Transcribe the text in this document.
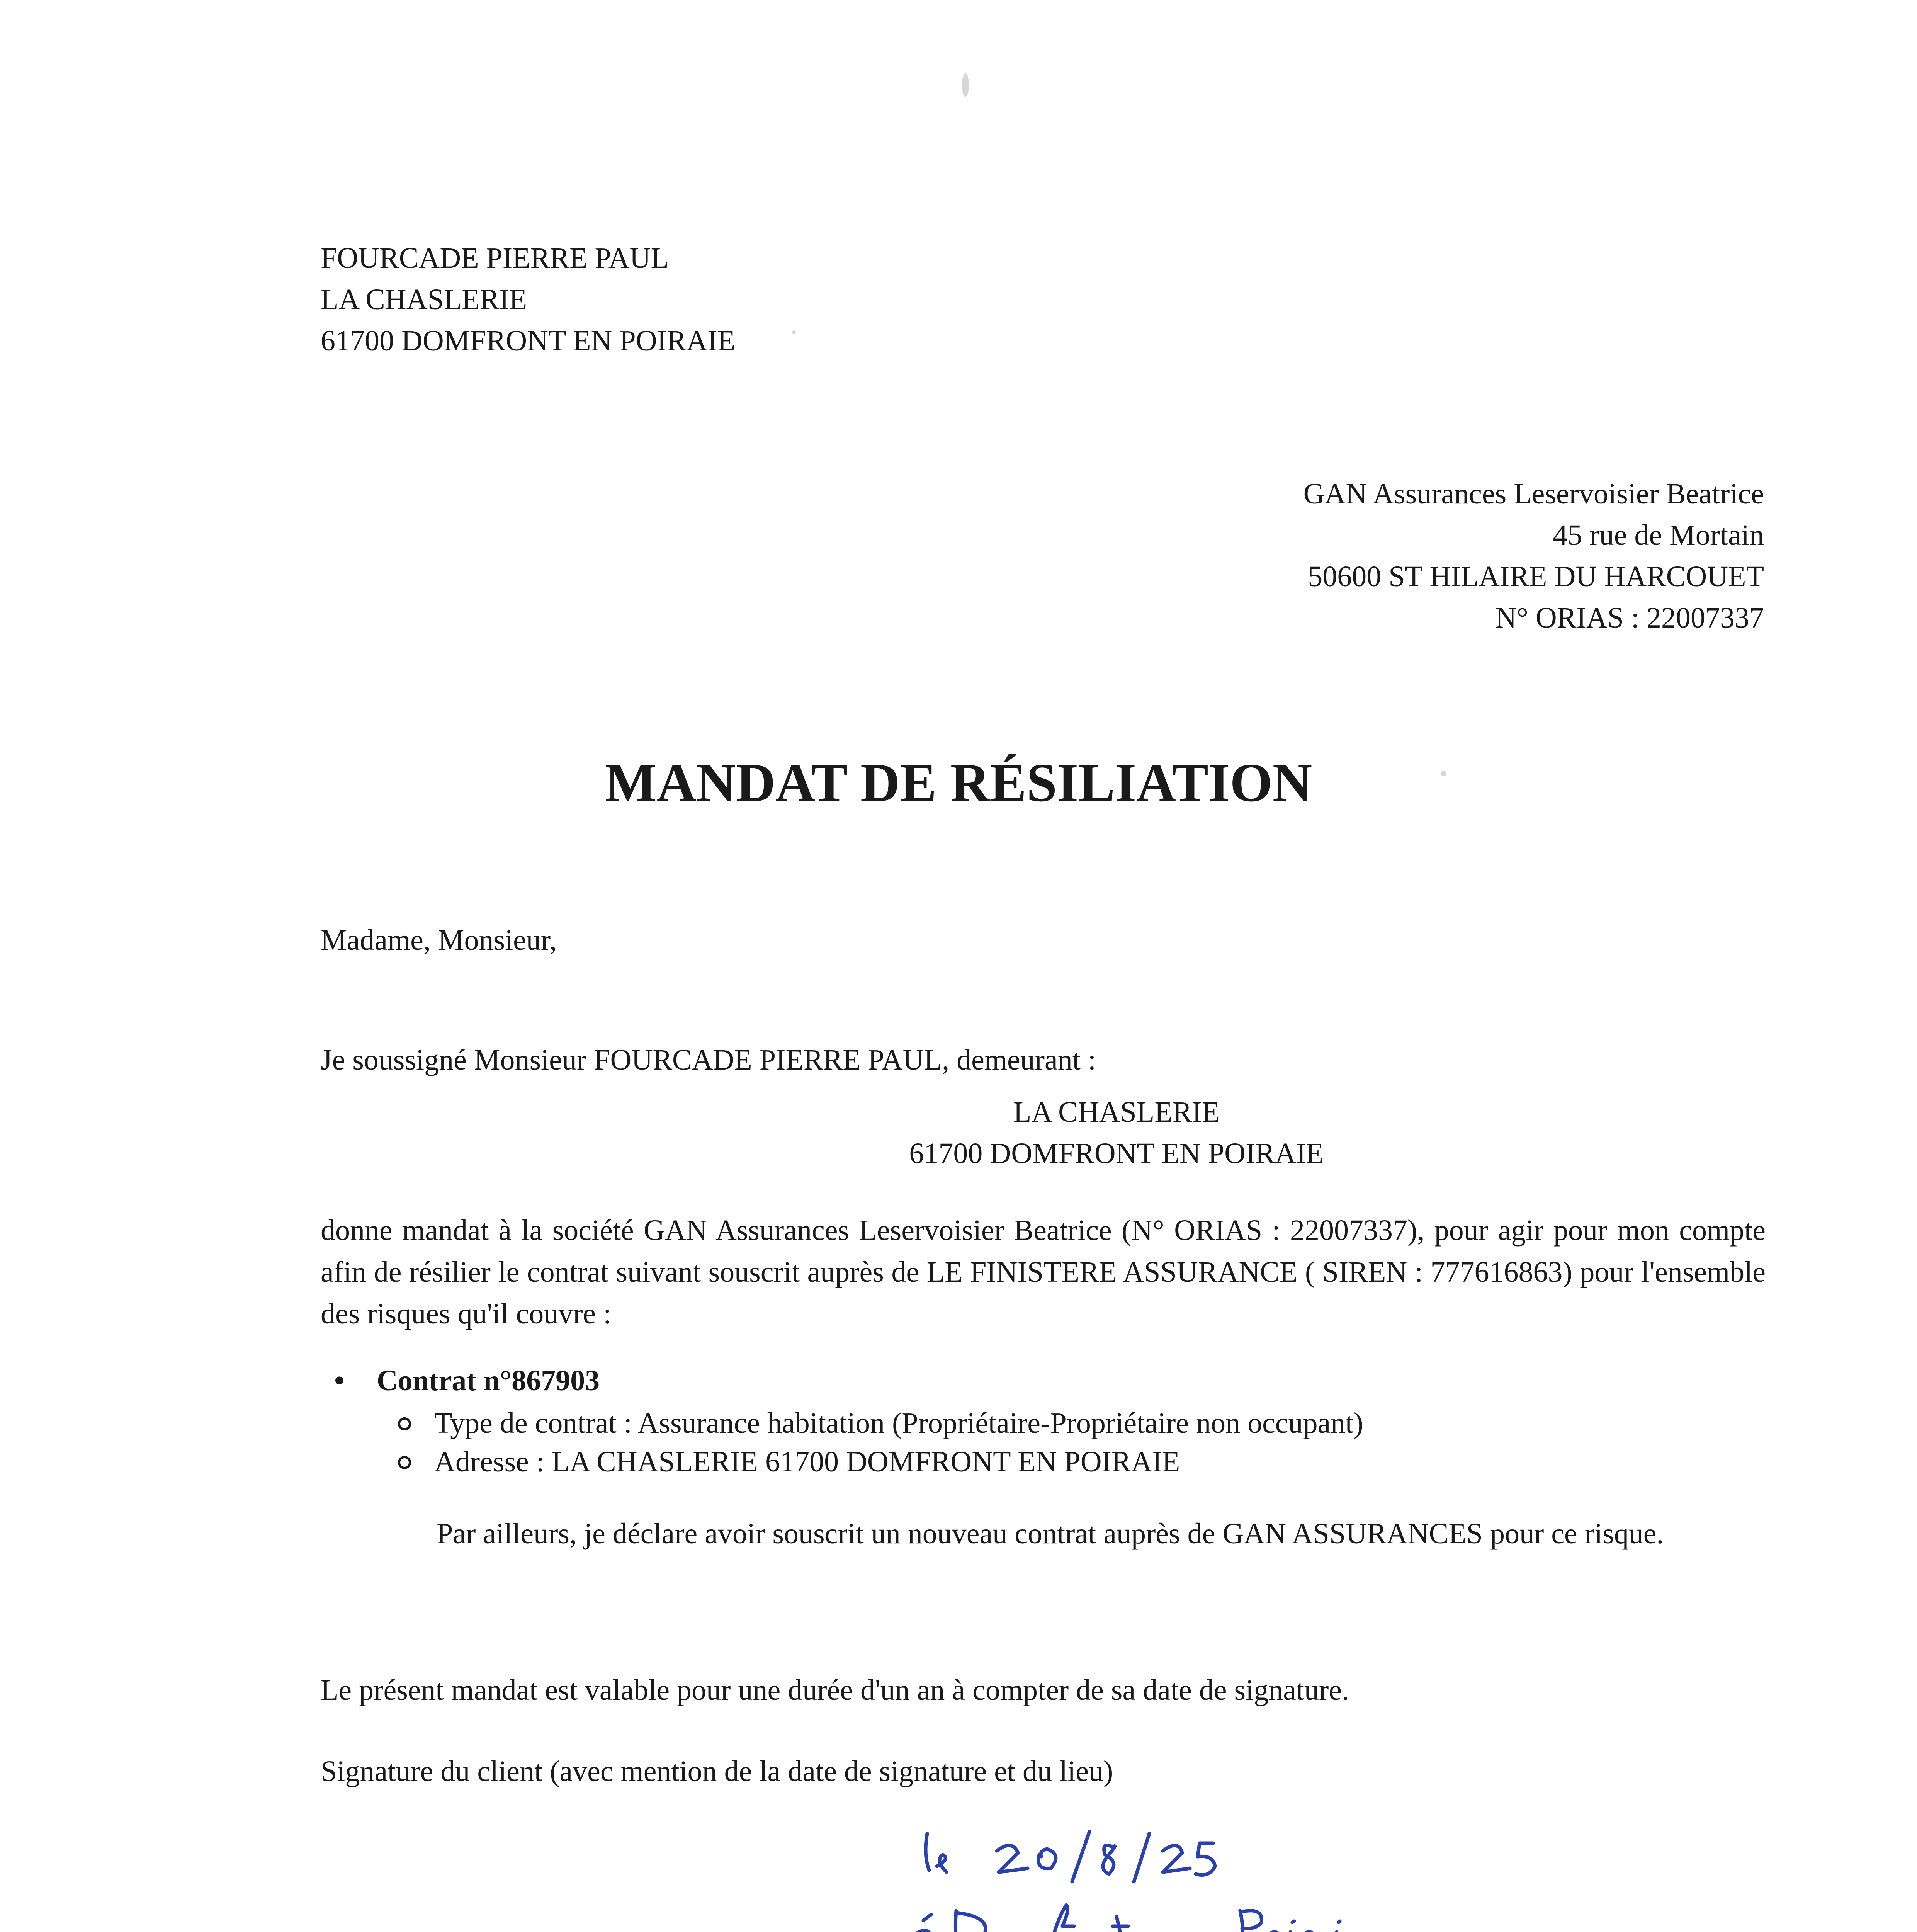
FOURCADE PIERRE PAUL
LA CHASLERIE
61700 DOMFRONT EN POIRAIE
GAN Assurances Leservoisier Beatrice
45 rue de Mortain
50600 ST HILAIRE DU HARCOUET
N° ORIAS : 22007337
MANDAT DE RÉSILIATION

Madame, Monsieur,

Je soussigné Monsieur FOURCADE PIERRE PAUL, demeurant :

LA CHASLERIE
61700 DOMFRONT EN POIRAIE

donne mandat à la société GAN Assurances Leservoisier Beatrice (N° ORIAS : 22007337), pour agir pour mon compte afin de résilier le contrat suivant souscrit auprès de LE FINISTERE ASSURANCE ( SIREN : 777616863) pour l'ensemble des risques qu'il couvre :

• Contrat n°867903
Type de contrat : Assurance habitation (Propriétaire-Propriétaire non occupant)
Adresse : LA CHASLERIE 61700 DOMFRONT EN POIRAIE

Par ailleurs, je déclare avoir souscrit un nouveau contrat auprès de GAN ASSURANCES pour ce risque.

Le présent mandat est valable pour une durée d'un an à compter de sa date de signature.

Signature du client (avec mention de la date de signature et du lieu)

le 20/8/25
